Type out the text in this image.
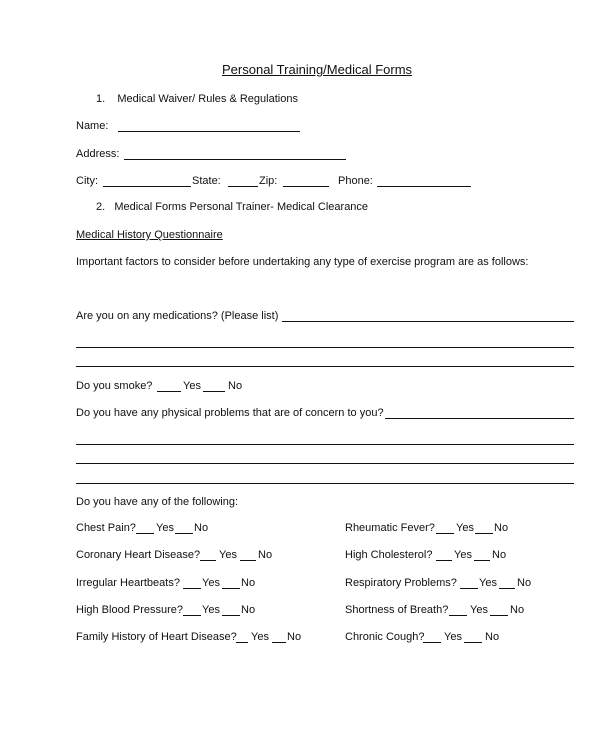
Personal Training/Medical Forms
1.    Medical Waiver/ Rules & Regulations
Name:
Address:
City:	State:	Zip:	Phone:
2.   Medical Forms Personal Trainer- Medical Clearance
Medical History Questionnaire
Important factors to consider before undertaking any type of exercise program are as follows:
Are you on any medications? (Please list)
Do you smoke?	Yes No
Do you have any physical problems that are of concern to you?
Do you have any of the following:
Chest Pain? Yes No
Coronary Heart Disease? Yes No
Irregular Heartbeats? Yes No
High Blood Pressure? Yes No
Family History of Heart Disease? Yes No
Rheumatic Fever? Yes No
High Cholesterol? Yes No
Respiratory Problems? Yes No
Shortness of Breath? Yes No
Chronic Cough? Yes No
